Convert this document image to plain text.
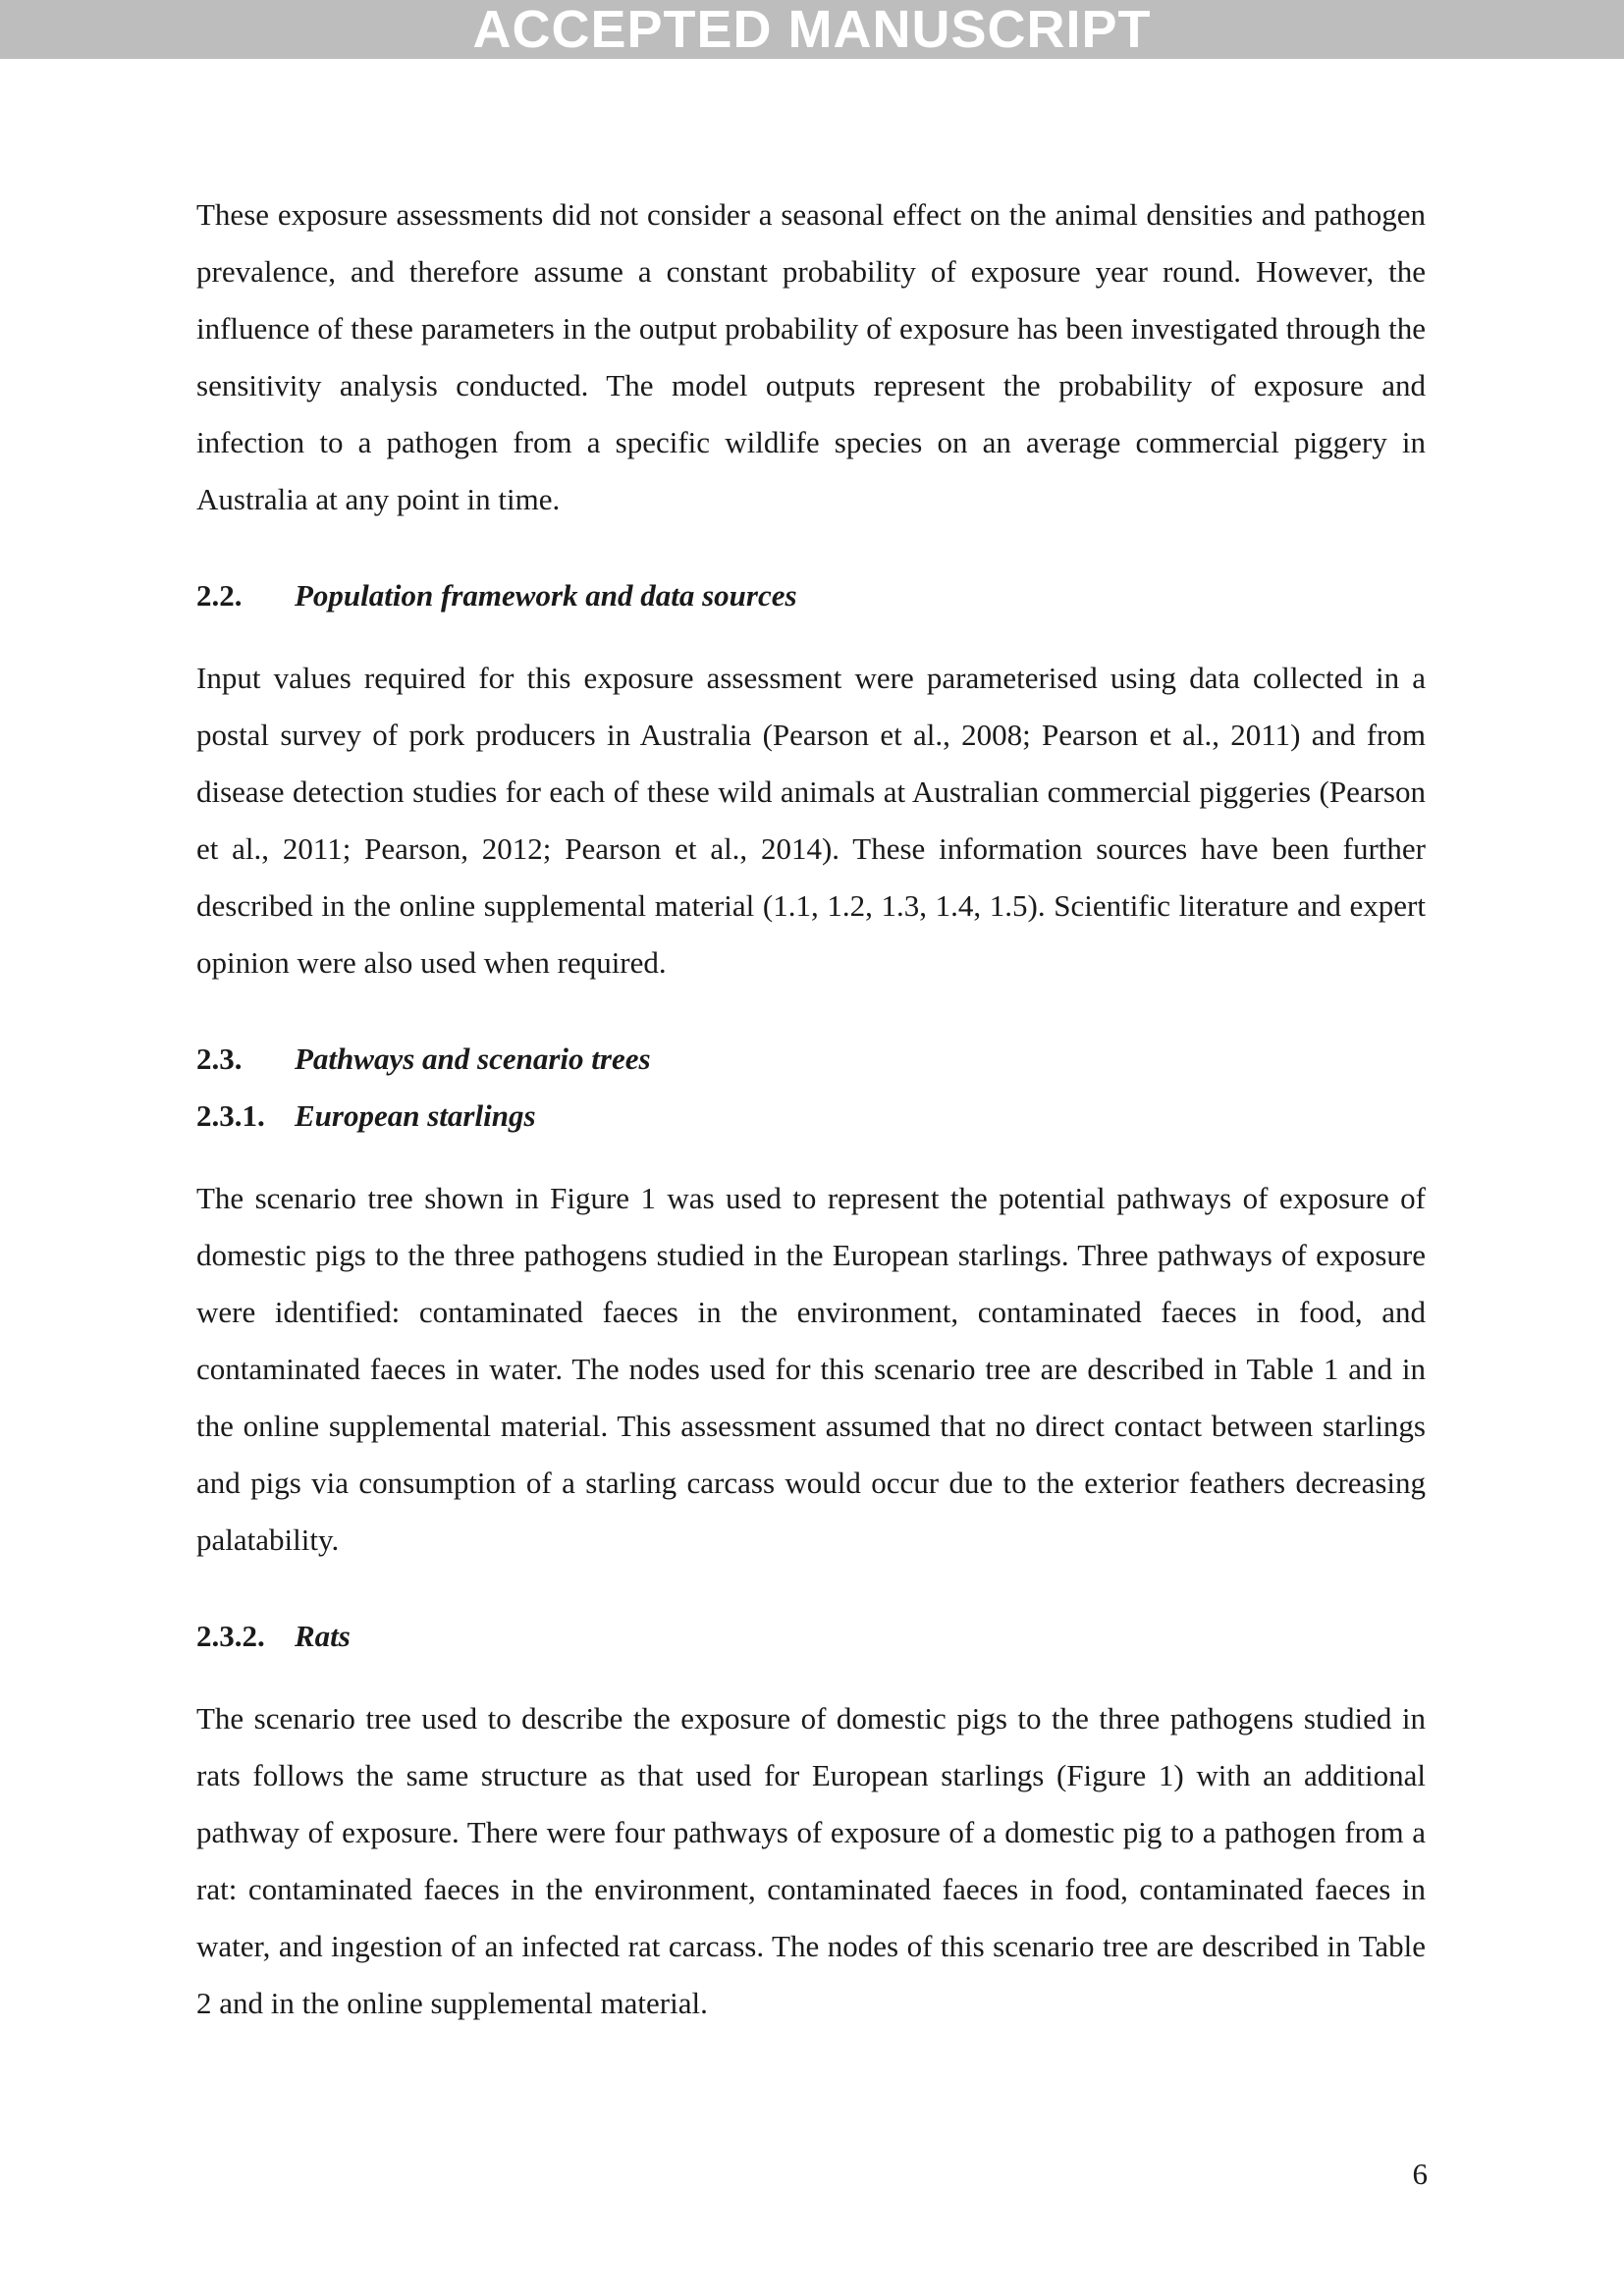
ACCEPTED MANUSCRIPT

These exposure assessments did not consider a seasonal effect on the animal densities and pathogen prevalence, and therefore assume a constant probability of exposure year round. However, the influence of these parameters in the output probability of exposure has been investigated through the sensitivity analysis conducted. The model outputs represent the probability of exposure and infection to a pathogen from a specific wildlife species on an average commercial piggery in Australia at any point in time.

2.2. Population framework and data sources

Input values required for this exposure assessment were parameterised using data collected in a postal survey of pork producers in Australia (Pearson et al., 2008; Pearson et al., 2011) and from disease detection studies for each of these wild animals at Australian commercial piggeries (Pearson et al., 2011; Pearson, 2012; Pearson et al., 2014). These information sources have been further described in the online supplemental material (1.1, 1.2, 1.3, 1.4, 1.5). Scientific literature and expert opinion were also used when required.

2.3. Pathways and scenario trees
2.3.1. European starlings

The scenario tree shown in Figure 1 was used to represent the potential pathways of exposure of domestic pigs to the three pathogens studied in the European starlings. Three pathways of exposure were identified: contaminated faeces in the environment, contaminated faeces in food, and contaminated faeces in water. The nodes used for this scenario tree are described in Table 1 and in the online supplemental material. This assessment assumed that no direct contact between starlings and pigs via consumption of a starling carcass would occur due to the exterior feathers decreasing palatability.

2.3.2. Rats

The scenario tree used to describe the exposure of domestic pigs to the three pathogens studied in rats follows the same structure as that used for European starlings (Figure 1) with an additional pathway of exposure. There were four pathways of exposure of a domestic pig to a pathogen from a rat: contaminated faeces in the environment, contaminated faeces in food, contaminated faeces in water, and ingestion of an infected rat carcass. The nodes of this scenario tree are described in Table 2 and in the online supplemental material.

6
